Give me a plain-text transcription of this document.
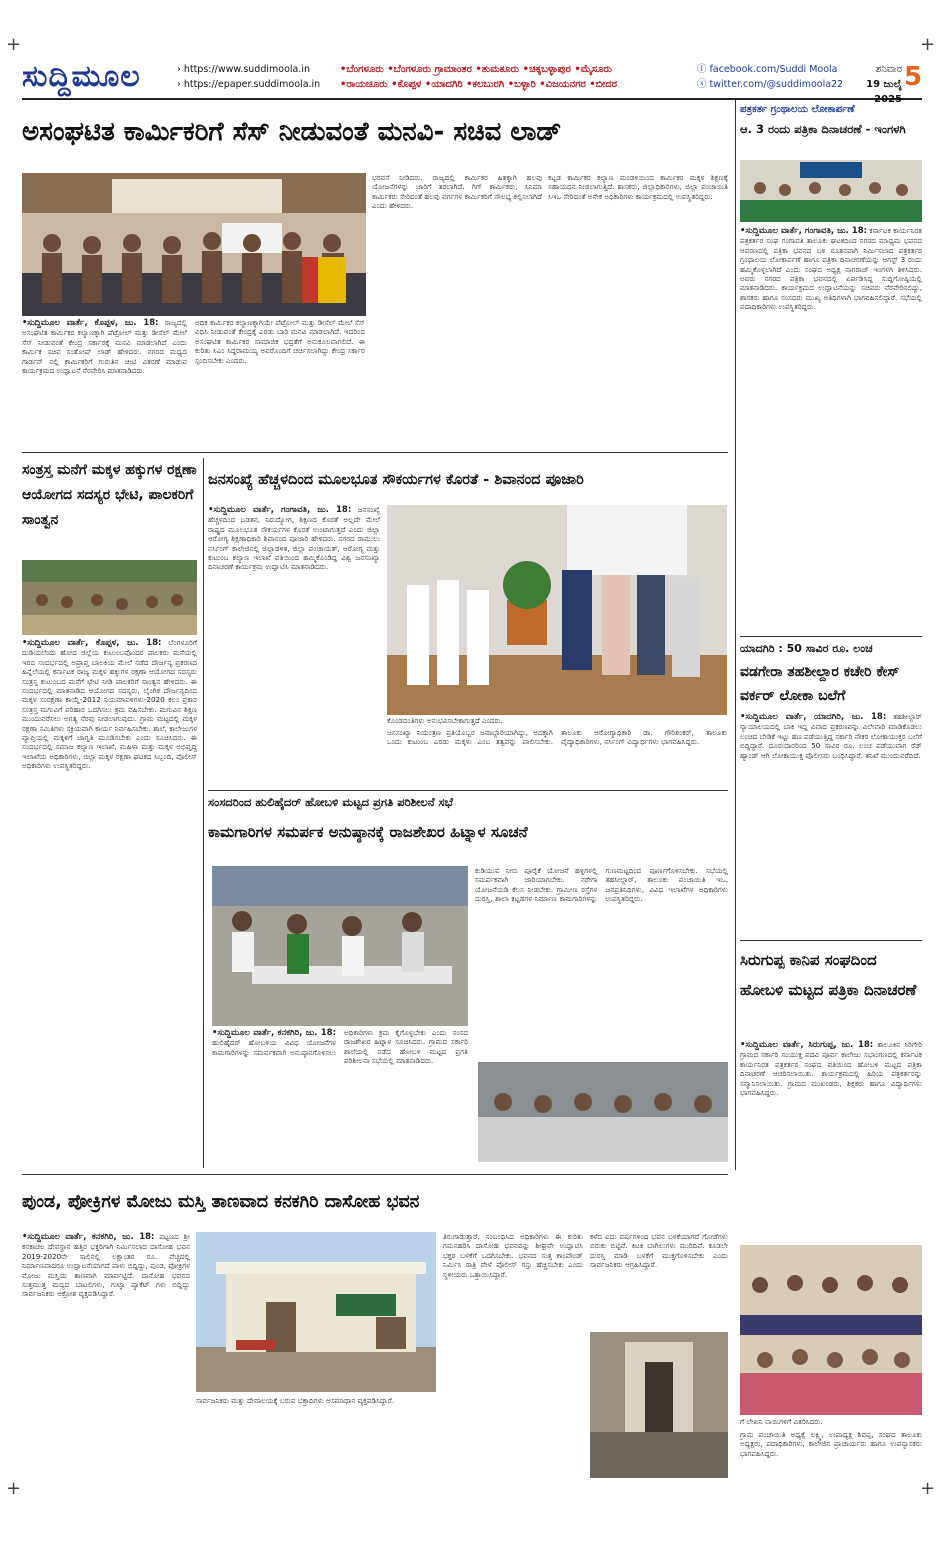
+	+
+	+
ಸುದ್ದಿಮೂಲ	› https://www.suddimoola.in
› https://epaper.suddimoola.in
•ಬೆಂಗಳೂರು •ಬೆಂಗಳೂರು ಗ್ರಾಮಾಂತರ •ತುಮಕೂರು •ಚಿಕ್ಕಬಳ್ಳಾಪುರ •ಮೈಸೂರು
•ರಾಯಚೂರು •ಕೊಪ್ಪಳ •ಯಾದಗಿರಿ •ಕಲಬುರಗಿ •ಬಳ್ಳಾರಿ •ವಿಜಯನಗರ •ಬೀದರ
ⓕ facebook.com/Suddi Moola
ⓧ twitter.com/@suddimoola22
ಶನಿವಾರ
19 ಜುಲೈ 2025
5
ಅಸಂಘಟಿತ ಕಾರ್ಮಿಕರಿಗೆ ಸೆಸ್ ನೀಡುವಂತೆ ಮನವಿ- ಸಚಿವ ಲಾಡ್
•ಸುದ್ದಿಮೂಲ ವಾರ್ತೆ, ಕೊಪ್ಪಳ, ಜು. 18: ರಾಜ್ಯದಲ್ಲಿ ಅಸಂಘಟಿತ ಕಾರ್ಮಿಕರ ಕಲ್ಯಾಣಕ್ಕಾಗಿ ಪೆಟ್ರೋಲ್ ಮತ್ತು ಡೀಸೆಲ್ ಮೇಲೆ ಸೆಸ್ ನೀಡುವಂತೆ ಕೇಂದ್ರ ಸರ್ಕಾರಕ್ಕೆ ಮನವಿ ಮಾಡಲಾಗಿದೆ ಎಂದು ಕಾರ್ಮಿಕ ಸಚಿವ ಸಂತೋಷ್ ಲಾಡ್ ಹೇಳಿದರು. ನಗರದ ಮಧ್ಯದ ಗಾರ್ಡನ್ ನಲ್ಲಿ ಕಾರ್ಮಿಕರಿಗೆ ಗುರುತಿನ ಚೀಟಿ ವಿತರಣೆ ಮಾಡುವ ಕಾರ್ಯಕ್ರಮದ ಉದ್ಘಾಟನೆ ನೆರವೇರಿಸಿ ಮಾತನಾಡಿದರು.
ಅಧಿಕ ಕಾರ್ಮಿಕರ ಕಲ್ಯಾಣಕ್ಕಾಗಿಯೇ ಪೆಟ್ರೋಲ್ ಮತ್ತು ಡೀಸೆಲ್ ಮೇಲೆ ಸೆಸ್ ವಿಧಿಸಿ ನೀಡುವಂತೆ ಕೇಂದ್ರಕ್ಕೆ ಎರಡು ಬಾರಿ ಮನವಿ ಮಾಡಲಾಗಿದೆ. ಇದರಿಂದ ಅಸಂಘಟಿತ ಕಾರ್ಮಿಕರ ಸಾಮಾಜಿಕ ಭದ್ರತೆಗೆ ಅನುಕೂಲವಾಗಲಿದೆ. ಈ ಕುರಿತು ಸಿಎಂ ಸಿದ್ದರಾಮಯ್ಯ ಅವರೊಂದಿಗೆ ಚರ್ಚಿಸಲಾಗಿದ್ದು ಕೇಂದ್ರ ಸರ್ಕಾರ ಸ್ಪಂದಿಸಬೇಕು ಎಂದರು.
ಭರವಸೆ ನೀಡಿದರು. ರಾಜ್ಯದಲ್ಲಿ ಕಾರ್ಮಿಕರ ಹಿತಕ್ಕಾಗಿ ಹಲವು ಯೋಜನೆಗಳನ್ನು ಜಾರಿಗೆ ತರಲಾಗಿದೆ. ಗಿಗ್ ಕಾರ್ಮಿಕರು, ಸಿನಿಮಾ ಕಾರ್ಮಿಕರು ಸೇರಿದಂತೆ ಹಲವು ವರ್ಗಗಳ ಕಾರ್ಮಿಕರಿಗೆ ಸೌಲಭ್ಯ ಕಲ್ಪಿಸಲಾಗಿದೆ ಎಂದು ಹೇಳಿದರು.
ಕಟ್ಟಡ ಕಾರ್ಮಿಕರ ಕಲ್ಯಾಣ ಮಂಡಳಿಯಿಂದ ಕಾರ್ಮಿಕರ ಮಕ್ಕಳ ಶಿಕ್ಷಣಕ್ಕೆ ಸಹಾಯಧನ ನೀಡಲಾಗುತ್ತಿದೆ. ಶಾಸಕರು, ಜಿಲ್ಲಾಧಿಕಾರಿಗಳು, ಜಿಲ್ಲಾ ಪಂಚಾಯಿತಿ ಸಿಇಒ ಸೇರಿದಂತೆ ಅನೇಕ ಅಧಿಕಾರಿಗಳು ಕಾರ್ಯಕ್ರಮದಲ್ಲಿ ಉಪಸ್ಥಿತರಿದ್ದರು.
ಪತ್ರಕರ್ತ ಗ್ರಂಥಾಲಯ ಲೋಕಾರ್ಪಣೆ
ಆ. 3 ರಂದು ಪತ್ರಿಕಾ ದಿನಾಚರಣೆ - ಇಂಗಳಗಿ
•ಸುದ್ದಿಮೂಲ ವಾರ್ತೆ, ಗಂಗಾವತಿ, ಜು. 18: ಕರ್ನಾಟಕ ಕಾರ್ಯನಿರತ ಪತ್ರಕರ್ತರ ಸಂಘ ಗಂಗಾವತಿ ತಾಲೂಕು ಘಟಕದಿಂದ ನಗರದ ಮಾಧ್ಯಮ ಭವನದ ಆವರಣದಲ್ಲಿ ಪತ್ರಿಕಾ ಭವನದ ಬಳಿ ನೂತನವಾಗಿ ನಿರ್ಮಿಸಲಾದ ಪತ್ರಕರ್ತರ ಗ್ರಂಥಾಲಯ ಲೋಕಾರ್ಪಣೆ ಹಾಗೂ ಪತ್ರಿಕಾ ದಿನಾಚರಣೆಯನ್ನು ಆಗಸ್ಟ್ 3 ರಂದು ಹಮ್ಮಿಕೊಳ್ಳಲಾಗಿದೆ ಎಂದು ಸಂಘದ ಅಧ್ಯಕ್ಷ ನಾಗರಾಜ್ ಇಂಗಳಗಿ ತಿಳಿಸಿದರು. ಅವರು ನಗರದ ಪತ್ರಿಕಾ ಭವನದಲ್ಲಿ ಏರ್ಪಡಿಸಿದ್ದ ಸುದ್ದಿಗೋಷ್ಠಿಯಲ್ಲಿ ಮಾತನಾಡಿದರು. ಕಾರ್ಯಕ್ರಮದ ಉದ್ಘಾಟನೆಯನ್ನು ಸಚಿವರು ನೆರವೇರಿಸಲಿದ್ದು, ಶಾಸಕರು ಹಾಗೂ ಸಂಸದರು ಮುಖ್ಯ ಅತಿಥಿಗಳಾಗಿ ಭಾಗವಹಿಸಲಿದ್ದಾರೆ. ಸಭೆಯಲ್ಲಿ ಪದಾಧಿಕಾರಿಗಳು ಉಪಸ್ಥಿತರಿದ್ದರು.
ಸಂತ್ರಸ್ತ ಮನೆಗೆ ಮಕ್ಕಳ ಹಕ್ಕುಗಳ ರಕ್ಷಣಾ ಆಯೋಗದ ಸದಸ್ಯರ ಭೇಟಿ, ಪಾಲಕರಿಗೆ ಸಾಂತ್ವನ
•ಸುದ್ದಿಮೂಲ ವಾರ್ತೆ, ಕೊಪ್ಪಳ, ಜು. 18: ಬೆಂಗಳೂರಿಗೆ ದುಡಿಯಲೆಂದು ಹೋದ ಜಿಲ್ಲೆಯ ಕುಟುಂಬವೊಂದರ ಪಾಲಕರು ಮನೆಯಲ್ಲಿ ಇರದ ಸಂದರ್ಭದಲ್ಲಿ ಅಪ್ರಾಪ್ತ ಬಾಲಕಿಯ ಮೇಲೆ ನಡೆದ ದೌರ್ಜನ್ಯ ಪ್ರಕರಣದ ಹಿನ್ನೆಲೆಯಲ್ಲಿ ಕರ್ನಾಟಕ ರಾಜ್ಯ ಮಕ್ಕಳ ಹಕ್ಕುಗಳ ರಕ್ಷಣಾ ಆಯೋಗದ ಸದಸ್ಯರು ಸಂತ್ರಸ್ತ ಕುಟುಂಬದ ಮನೆಗೆ ಭೇಟಿ ನೀಡಿ ಪಾಲಕರಿಗೆ ಸಾಂತ್ವನ ಹೇಳಿದರು. ಈ ಸಂದರ್ಭದಲ್ಲಿ ಮಾತನಾಡಿದ ಆಯೋಗದ ಸದಸ್ಯರು, ಲೈಂಗಿಕ ದೌರ್ಜನ್ಯದಿಂದ ಮಕ್ಕಳ ಸಂರಕ್ಷಣಾ ಕಾಯ್ದೆ-2012 ನಿಯಮಾವಳಿಗಳು-2020 ಕಲಂ ಪ್ರಕಾರ ಸಂತ್ರಸ್ತ ಮಗುವಿಗೆ ಪರಿಹಾರ ಒದಗಿಸಲು ಕ್ರಮ ವಹಿಸಬೇಕು. ಮಗುವಿನ ಶಿಕ್ಷಣ ಮುಂದುವರೆಸಲು ಅಗತ್ಯ ನೆರವು ನೀಡಲಾಗುವುದು. ಗ್ರಾಮ ಮಟ್ಟದಲ್ಲಿ ಮಕ್ಕಳ ರಕ್ಷಣಾ ಸಮಿತಿಗಳು ಸಕ್ರಿಯವಾಗಿ ಕಾರ್ಯ ನಿರ್ವಹಿಸಬೇಕು. ಶಾಲೆ, ಕಾಲೇಜುಗಳ ವ್ಯಾಪ್ತಿಯಲ್ಲಿ ಮಕ್ಕಳಿಗೆ ಜಾಗೃತಿ ಮೂಡಿಸಬೇಕು ಎಂದು ಸೂಚಿಸಿದರು. ಈ ಸಂದರ್ಭದಲ್ಲಿ ಸಮಾಜ ಕಲ್ಯಾಣ ಇಲಾಖೆ, ಮಹಿಳಾ ಮತ್ತು ಮಕ್ಕಳ ಅಭಿವೃದ್ಧಿ ಇಲಾಖೆಯ ಅಧಿಕಾರಿಗಳು, ಜಿಲ್ಲಾ ಮಕ್ಕಳ ರಕ್ಷಣಾ ಘಟಕದ ಸಿಬ್ಬಂದಿ, ಪೊಲೀಸ್ ಅಧಿಕಾರಿಗಳು ಉಪಸ್ಥಿತರಿದ್ದರು.
ಜನಸಂಖ್ಯೆ ಹೆಚ್ಚಳದಿಂದ ಮೂಲಭೂತ ಸೌಕರ್ಯಗಳ ಕೊರತೆ - ಶಿವಾನಂದ ಪೂಜಾರಿ
•ಸುದ್ದಿಮೂಲ ವಾರ್ತೆ, ಗಂಗಾವತಿ, ಜು. 18: ಜನಸಂಖ್ಯೆ ಹೆಚ್ಚಳದಿಂದ ಬಡತನ, ನಿರುದ್ಯೋಗ, ಶಿಕ್ಷಣದ ಕೊರತೆ ಅಲ್ಲದೇ ಮೇಲೆ ರಾಷ್ಟ್ರದ ಮೂಲಭೂತ ಸೌಕರ್ಯಗಳ ಕೊರತೆ ಉಂಟಾಗುತ್ತದೆ ಎಂದು ಜಿಲ್ಲಾ ಆರೋಗ್ಯ ಶಿಕ್ಷಣಾಧಿಕಾರಿ ಶಿವಾನಂದ ಪೂಜಾರಿ ಹೇಳಿದರು. ನಗರದ ರಾಮುಲು ನರ್ಸಿಂಗ್ ಕಾಲೇಜಿನಲ್ಲಿ ಜಿಲ್ಲಾಡಳಿತ, ಜಿಲ್ಲಾ ಪಂಚಾಯತ್, ಆರೋಗ್ಯ ಮತ್ತು ಕುಟುಂಬ ಕಲ್ಯಾಣ ಇಲಾಖೆ ವತಿಯಿಂದ ಹಮ್ಮಿಕೊಂಡಿದ್ದ ವಿಶ್ವ ಜನಸಂಖ್ಯಾ ದಿನಾಚರಣೆ ಕಾರ್ಯಕ್ರಮ ಉದ್ಘಾಟಿಸಿ ಮಾತನಾಡಿದರು.
ಕೊಂಡದಂತಿಗಳು ಅನುಭವಿಸಬೇಕಾಗುತ್ತದೆ ಎಂದರು.
ಜನಸಂಖ್ಯಾ ನಿಯಂತ್ರಣ ಪ್ರತಿಯೊಬ್ಬರ ಜವಾಬ್ದಾರಿಯಾಗಿದ್ದು, ಅದಕ್ಕಾಗಿ ಒಂದು ಕುಟುಂಬ ಎರಡು ಮಕ್ಕಳು ಎಂಬ ತತ್ವವನ್ನು ಪಾಲಿಸಬೇಕು. ತಾಲೂಕು ಆರೋಗ್ಯಾಧಿಕಾರಿ ಡಾ. ಗೌರಿಶಂಕರ್, ತಾಲೂಕು ವೈದ್ಯಾಧಿಕಾರಿಗಳು, ನರ್ಸಿಂಗ್ ವಿದ್ಯಾರ್ಥಿಗಳು ಭಾಗವಹಿಸಿದ್ದರು.
ಸಂಸದರಿಂದ ಹುಲಿಹೈದರ್ ಹೋಬಳಿ ಮಟ್ಟದ ಪ್ರಗತಿ ಪರಿಶೀಲನೆ ಸಭೆ
ಕಾಮಗಾರಿಗಳ ಸಮರ್ಪಕ ಅನುಷ್ಠಾನಕ್ಕೆ ರಾಜಶೇಖರ ಹಿಟ್ನಾಳ ಸೂಚನೆ
•ಸುದ್ದಿಮೂಲ ವಾರ್ತೆ, ಕನಕಗಿರಿ, ಜು. 18: ಹುಲಿಹೈದರ್ ಹೋಬಳಿಯ ವಿವಿಧ ಯೋಜನೆಗಳ ಕಾಮಗಾರಿಗಳನ್ನು ಸಮರ್ಪಕವಾಗಿ ಅನುಷ್ಠಾನಗೊಳಿಸಲು ಅಧಿಕಾರಿಗಳು ಕ್ರಮ ಕೈಗೊಳ್ಳಬೇಕು ಎಂದು ಸಂಸದ ರಾಜಶೇಖರ ಹಿಟ್ನಾಳ ಸೂಚಿಸಿದರು. ಗ್ರಾಮದ ಸರ್ಕಾರಿ ಶಾಲೆಯಲ್ಲಿ ನಡೆದ ಹೋಬಳಿ ಮಟ್ಟದ ಪ್ರಗತಿ ಪರಿಶೀಲನಾ ಸಭೆಯಲ್ಲಿ ಮಾತನಾಡಿದರು.
ಕುಡಿಯುವ ನೀರು ಪೂರೈಕೆ ಯೋಜನೆ ಹಳ್ಳಿಗಳಲ್ಲಿ ಸಮರ್ಪಕವಾಗಿ ಜಾರಿಯಾಗಬೇಕು. ನರೇಗಾ ಯೋಜನೆಯಡಿ ಕೆಲಸ ನೀಡಬೇಕು. ಗ್ರಾಮೀಣ ರಸ್ತೆಗಳ ದುರಸ್ತಿ, ಶಾಲಾ ಕಟ್ಟಡಗಳ ನಿರ್ಮಾಣ ಕಾಮಗಾರಿಗಳನ್ನು ಗುಣಮಟ್ಟದಿಂದ ಪೂರ್ಣಗೊಳಿಸಬೇಕು. ಸಭೆಯಲ್ಲಿ ತಹಸೀಲ್ದಾರ್, ತಾಲೂಕು ಪಂಚಾಯಿತಿ ಇಒ, ಜನಪ್ರತಿನಿಧಿಗಳು, ವಿವಿಧ ಇಲಾಖೆಗಳ ಅಧಿಕಾರಿಗಳು ಉಪಸ್ಥಿತರಿದ್ದರು.
ಯಾದಗಿರಿ : 50 ಸಾವಿರ ರೂ. ಲಂಚ
ವಡಗೇರಾ ತಹಶೀಲ್ದಾರ ಕಚೇರಿ ಕೇಸ್ ವರ್ಕರ್ ಲೋಕಾ ಬಲೆಗೆ
•ಸುದ್ದಿಮೂಲ ವಾರ್ತೆ, ಯಾದಗಿರಿ, ಜು. 18: ತಹಶೀಲ್ದಾರ್ ನ್ಯಾಯಾಲಯದಲ್ಲಿ ಬಾಕಿ ಇದ್ದ ವಿವಾದ ಪ್ರಕರಣವನ್ನು ವಿಲೇವಾರಿ ಮಾಡಿಕೊಡಲು ಲಂಚದ ಬೇಡಿಕೆ ಇಟ್ಟು ಹಣ ಪಡೆಯುತ್ತಿದ್ದ ಸರ್ಕಾರಿ ನೌಕರ ಲೋಕಾಯುಕ್ತರ ಬಲೆಗೆ ಬಿದ್ದಿದ್ದಾರೆ. ದೂರುದಾರರಿಂದ 50 ಸಾವಿರ ರೂ. ಲಂಚ ಪಡೆಯುವಾಗ ರೆಡ್ ಹ್ಯಾಂಡ್ ಆಗಿ ಲೋಕಾಯುಕ್ತ ಪೊಲೀಸರು ಬಂಧಿಸಿದ್ದಾರೆ. ತನಿಖೆ ಮುಂದುವರೆದಿದೆ.
ಸಿರುಗುಪ್ಪ ಕಾನಿಪ ಸಂಘದಿಂದ ಹೋಬಳಿ ಮಟ್ಟದ ಪತ್ರಿಕಾ ದಿನಾಚರಣೆ
•ಸುದ್ದಿಮೂಲ ವಾರ್ತೆ, ಸಿರುಗುಪ್ಪ, ಜು. 18: ತಾಲೂಕಿನ ಸಿರಿಗೇರಿ ಗ್ರಾಮದ ಸರ್ಕಾರಿ ಸಂಯುಕ್ತ ಪದವಿ ಪೂರ್ವ ಕಾಲೇಜು ಸಭಾಂಗಣದಲ್ಲಿ ಕರ್ನಾಟಕ ಕಾರ್ಯನಿರತ ಪತ್ರಕರ್ತರ ಸಂಘದ ವತಿಯಿಂದ ಹೋಬಳಿ ಮಟ್ಟದ ಪತ್ರಿಕಾ ದಿನಾಚರಣೆ ಆಚರಿಸಲಾಯಿತು. ಕಾರ್ಯಕ್ರಮದಲ್ಲಿ ಹಿರಿಯ ಪತ್ರಕರ್ತರನ್ನು ಸನ್ಮಾನಿಸಲಾಯಿತು. ಗ್ರಾಮದ ಮುಖಂಡರು, ಶಿಕ್ಷಕರು ಹಾಗೂ ವಿದ್ಯಾರ್ಥಿಗಳು ಭಾಗವಹಿಸಿದ್ದರು.
ಗೆ ಲೇಖನಿ ನಾಯಿಗಳಿಗೆ ವಿತರಿಸಿದರು.
ಗ್ರಾಮ ಪಂಚಾಯಿತಿ ಅಧ್ಯಕ್ಷೆ ಲಕ್ಷ್ಮಿ, ಉಪಾಧ್ಯಕ್ಷ ಶಿವಪ್ಪ, ಸಂಘದ ತಾಲೂಕು ಅಧ್ಯಕ್ಷರು, ಪದಾಧಿಕಾರಿಗಳು, ಕಾಲೇಜಿನ ಪ್ರಾಚಾರ್ಯರು ಹಾಗೂ ಉಪನ್ಯಾಸಕರು ಭಾಗವಹಿಸಿದ್ದರು.
ಪುಂಡ, ಪೋಕ್ರಿಗಳ ಮೋಜು ಮಸ್ತಿ ತಾಣವಾದ ಕನಕಗಿರಿ ದಾಸೋಹ ಭವನ
•ಸುದ್ದಿಮೂಲ ವಾರ್ತೆ, ಕನಕಗಿರಿ, ಜು. 18: ಪಟ್ಟಣದ ಶ್ರೀ ಕನಕಾಚಲ ದೇವಸ್ಥಾನ ಹತ್ತಿರ ಭಕ್ತರಿಗಾಗಿ ನಿರ್ಮಿಸಲಾದ ದಾಸೋಹ ಭವನ 2019-2020ನೇ ಸಾಲಿನಲ್ಲಿ ಲಕ್ಷಾಂತರ ರೂ. ವೆಚ್ಚದಲ್ಲಿ ನಿರ್ಮಾಣವಾದರೂ ಉದ್ಘಾಟನೆಯಾಗದೆ ಪಾಳು ಬಿದ್ದಿದ್ದು, ಪುಂಡ, ಪೋಕ್ರಿಗಳ ಮೋಜು ಮಸ್ತಿಯ ತಾಣವಾಗಿ ಮಾರ್ಪಟ್ಟಿದೆ. ದಾಸೋಹ ಭವನದ ಸುತ್ತಮುತ್ತ ಮದ್ಯದ ಬಾಟಲಿಗಳು, ಗುಟ್ಕಾ ಪ್ಯಾಕೆಟ್ ಗಳು ಬಿದ್ದಿದ್ದು ಸಾರ್ವಜನಿಕರು ಆಕ್ರೋಶ ವ್ಯಕ್ತಪಡಿಸಿದ್ದಾರೆ.
ಸಾರ್ವಜನಿಕರು ಮತ್ತು ದೇವಾಲಯಕ್ಕೆ ಬರುವ ಭಕ್ತಾದಿಗಳು ಅಸಮಾಧಾನ ವ್ಯಕ್ತಪಡಿಸಿದ್ದಾರೆ.
ತಿರುಗಾಡುತ್ತಾರೆ. ಸಂಬಂಧಿಸಿದ ಅಧಿಕಾರಿಗಳು ಈ ಕುರಿತು ಗಮನಹರಿಸಿ ದಾಸೋಹ ಭವನವನ್ನು ಶೀಘ್ರವೇ ಉದ್ಘಾಟಿಸಿ ಭಕ್ತರ ಬಳಕೆಗೆ ಒದಗಿಸಬೇಕು. ಭವನದ ಸುತ್ತ ಕಾಂಪೌಂಡ್ ನಿರ್ಮಿಸಿ ರಾತ್ರಿ ವೇಳೆ ಪೊಲೀಸ್ ಗಸ್ತು ಹೆಚ್ಚಿಸಬೇಕು ಎಂದು ಸ್ಥಳೀಯರು ಒತ್ತಾಯಿಸಿದ್ದಾರೆ.
ಕಳೆದ ಐದು ವರ್ಷಗಳಿಂದ ಭವನ ಬಳಕೆಯಾಗದೆ ಗೋಡೆಗಳು ಬಿರುಕು ಬಿಟ್ಟಿವೆ. ಕಿಟಕಿ ಬಾಗಿಲುಗಳು ಮುರಿದಿವೆ. ಕೂಡಲೇ ದುರಸ್ತಿ ಮಾಡಿ ಬಳಕೆಗೆ ಮುಕ್ತಗೊಳಿಸಬೇಕು ಎಂದು ಸಾರ್ವಜನಿಕರು ಆಗ್ರಹಿಸಿದ್ದಾರೆ.
